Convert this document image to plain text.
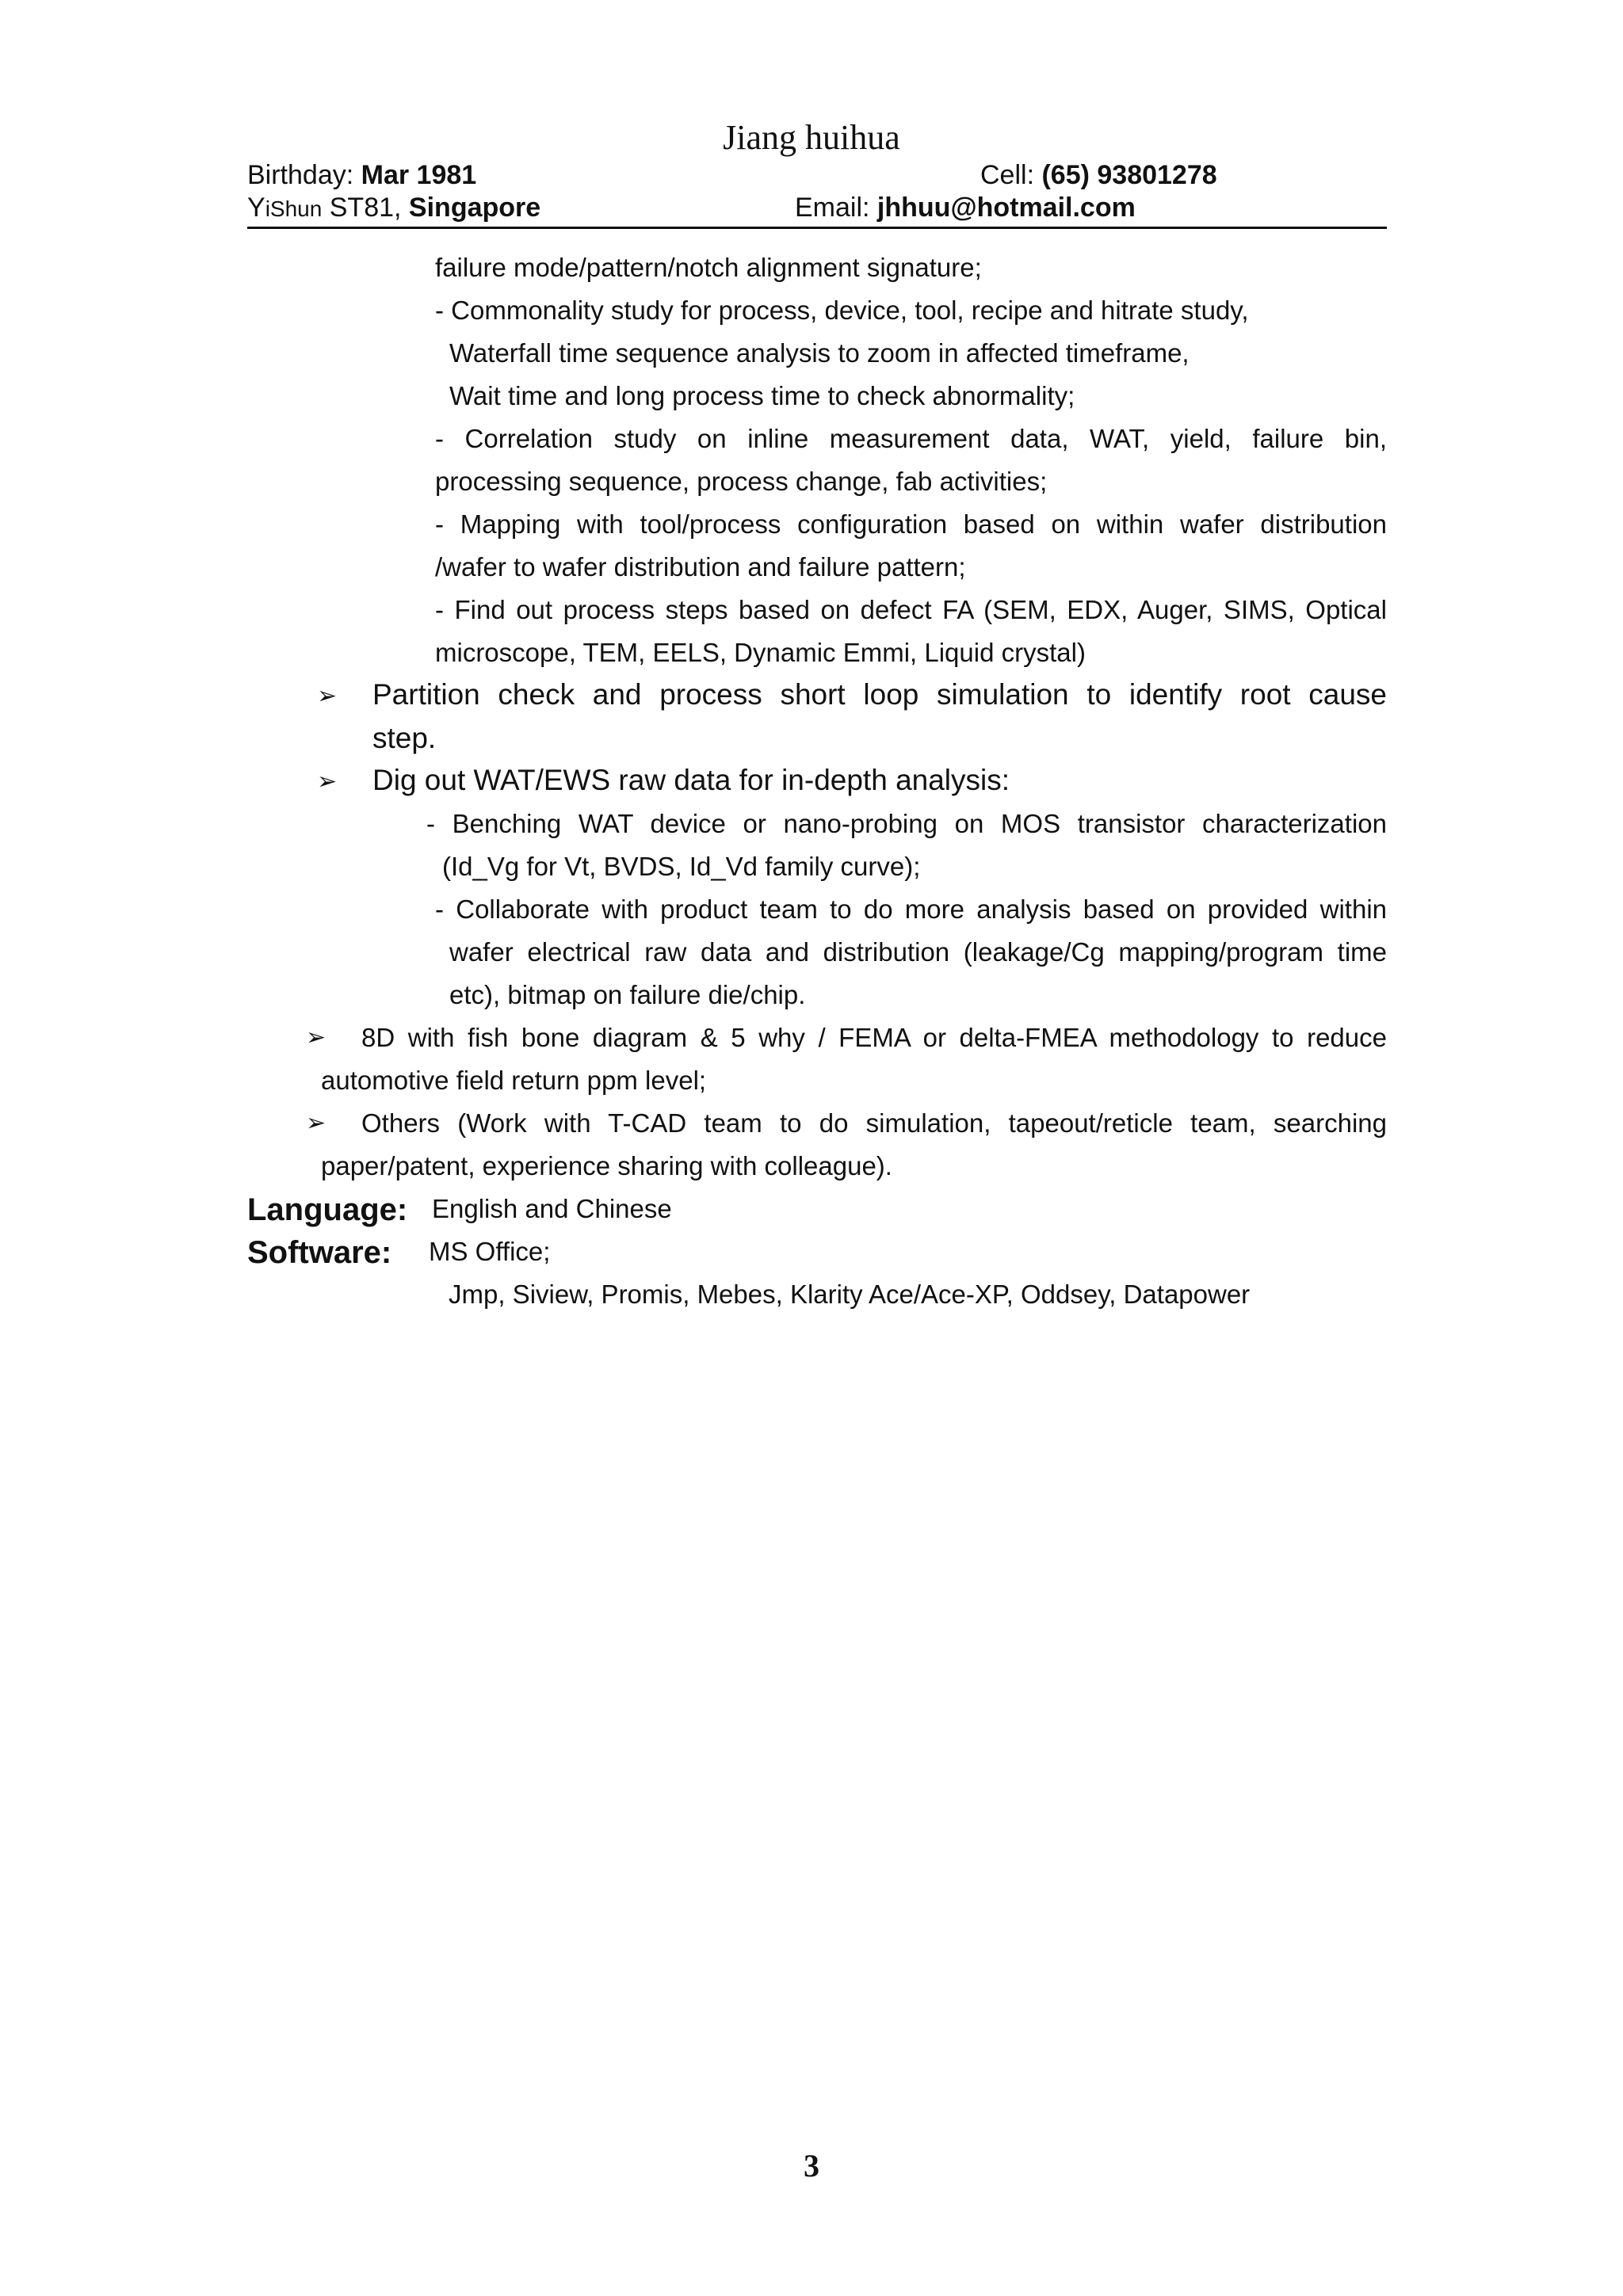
Jiang huihua
Birthday: Mar 1981	Cell: (65) 93801278
YiShun ST81, Singapore	Email: jhhuu@hotmail.com
failure mode/pattern/notch alignment signature;
- Commonality study for process, device, tool, recipe and hitrate study,
Waterfall time sequence analysis to zoom in affected timeframe,
Wait time and long process time to check abnormality;
- Correlation study on inline measurement data, WAT, yield, failure bin,
processing sequence, process change, fab activities;
- Mapping with tool/process configuration based on within wafer distribution
/wafer to wafer distribution and failure pattern;
- Find out process steps based on defect FA (SEM, EDX, Auger, SIMS, Optical
microscope, TEM, EELS, Dynamic Emmi, Liquid crystal)
➢ Partition check and process short loop simulation to identify root cause
step.
➢ Dig out WAT/EWS raw data for in-depth analysis:
- Benching WAT device or nano-probing on MOS transistor characterization
(Id_Vg for Vt, BVDS, Id_Vd family curve);
- Collaborate with product team to do more analysis based on provided within
wafer electrical raw data and distribution (leakage/Cg mapping/program time
etc), bitmap on failure die/chip.
➢ 8D with fish bone diagram & 5 why / FEMA or delta-FMEA methodology to reduce
automotive field return ppm level;
➢ Others (Work with T-CAD team to do simulation, tapeout/reticle team, searching
paper/patent, experience sharing with colleague).
Language: English and Chinese
Software: MS Office;
Jmp, Siview, Promis, Mebes, Klarity Ace/Ace-XP, Oddsey, Datapower
3
